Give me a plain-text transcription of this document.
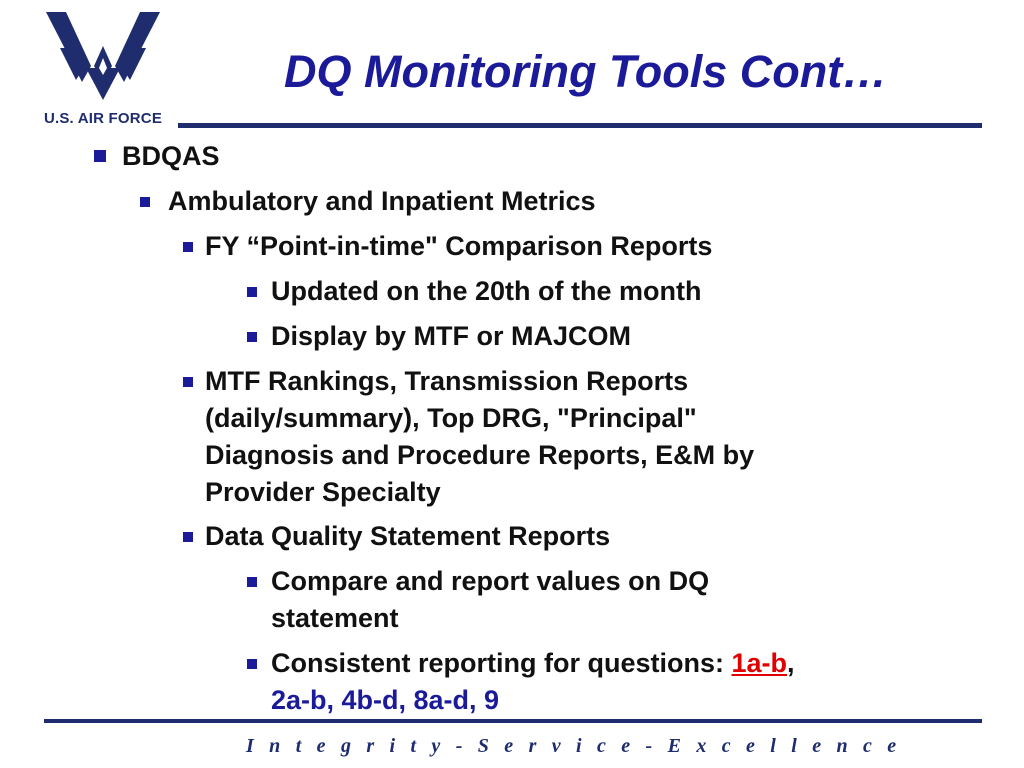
U.S. AIR FORCE
DQ Monitoring Tools Cont…
BDQAS
Ambulatory and Inpatient Metrics
FY “Point-in-time" Comparison Reports
Updated on the 20th of the month
Display by MTF or MAJCOM
MTF Rankings, Transmission Reports
(daily/summary), Top DRG, "Principal"
Diagnosis and Procedure Reports, E&M by
Provider Specialty
Data Quality Statement Reports
Compare and report values on DQ
statement
Consistent reporting for questions: 1a-b,
2a-b, 4b-d, 8a-d, 9
I n t e g r i t y - S e r v i c e - E x c e l l e n c e
